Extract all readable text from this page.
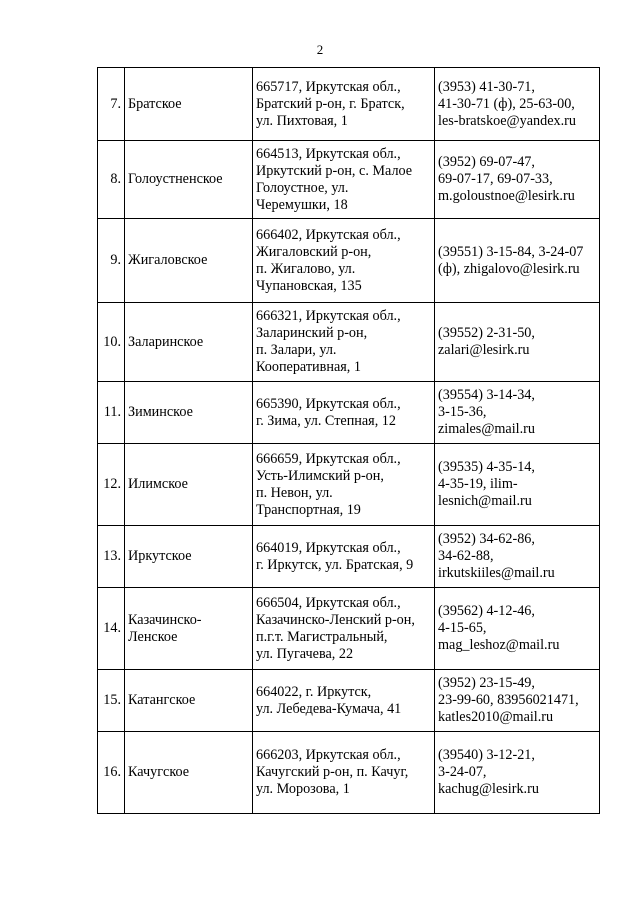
2
7.	Братское	665717, Иркутская обл.,
Братский р-он, г. Братск,
ул. Пихтовая, 1	(3953) 41-30-71,
41-30-71 (ф), 25-63-00,
les-bratskoe@yandex.ru

8.	Голоустненское	664513, Иркутская обл.,
Иркутский р-он, с. Малое
Голоустное, ул.
Черемушки, 18	(3952) 69-07-47,
69-07-17, 69-07-33,
m.goloustnoe@lesirk.ru

9.	Жигаловское	666402, Иркутская обл.,
Жигаловский р-он,
п. Жигалово, ул.
Чупановская, 135	(39551) 3-15-84, 3-24-07
(ф), zhigalovo@lesirk.ru

10.	Заларинское	666321, Иркутская обл.,
Заларинский р-он,
п. Залари, ул.
Кооперативная, 1	(39552) 2-31-50,
zalari@lesirk.ru

11.	Зиминское	665390, Иркутская обл.,
г. Зима, ул. Степная, 12	(39554) 3-14-34,
3-15-36,
zimales@mail.ru

12.	Илимское	666659, Иркутская обл.,
Усть-Илимский р-он,
п. Невон, ул.
Транспортная, 19	(39535) 4-35-14,
4-35-19, ilim-
lesnich@mail.ru

13.	Иркутское	664019, Иркутская обл.,
г. Иркутск, ул. Братская, 9	(3952) 34-62-86,
34-62-88,
irkutskiiles@mail.ru

14.	Казачинско-
Ленское	666504, Иркутская обл.,
Казачинско-Ленский р-он,
п.г.т. Магистральный,
ул. Пугачева, 22	(39562) 4-12-46,
4-15-65,
mag_leshoz@mail.ru

15.	Катангское	664022, г. Иркутск,
ул. Лебедева-Кумача, 41	(3952) 23-15-49,
23-99-60, 83956021471,
katles2010@mail.ru

16.	Качугское	666203, Иркутская обл.,
Качугский р-он, п. Качуг,
ул. Морозова, 1	(39540) 3-12-21,
3-24-07,
kachug@lesirk.ru
